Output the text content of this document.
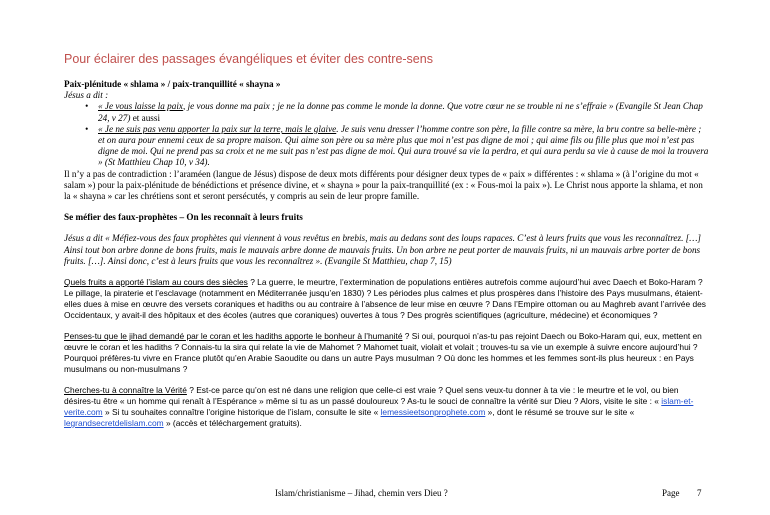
Pour éclairer des passages évangéliques et éviter des contre-sens

Paix-plénitude « shlama » / paix-tranquillité « shayna »
Jésus a dit :
• « Je vous laisse la paix, je vous donne ma paix ; je ne la donne pas comme le monde la donne. Que votre cœur ne se trouble ni ne s’effraie » (Evangile St Jean Chap 24, v 27) et aussi
• « Je ne suis pas venu apporter la paix sur la terre, mais le glaive. Je suis venu dresser l’homme contre son père, la fille contre sa mère, la bru contre sa belle-mère ; et on aura pour ennemi ceux de sa propre maison. Qui aime son père ou sa mère plus que moi n’est pas digne de moi ; qui aime fils ou fille plus que moi n’est pas digne de moi. Qui ne prend pas sa croix et ne me suit pas n’est pas digne de moi. Qui aura trouvé sa vie la perdra, et qui aura perdu sa vie à cause de moi la trouvera » (St Matthieu Chap 10, v 34).
Il n’y a pas de contradiction : l’araméen (langue de Jésus) dispose de deux mots différents pour désigner deux types de « paix » différentes : « shlama » (à l’origine du mot « salam ») pour la paix-plénitude de bénédictions et présence divine, et « shayna » pour la paix-tranquillité (ex : « Fous-moi la paix »). Le Christ nous apporte la shlama, et non la « shayna » car les chrétiens sont et seront persécutés, y compris au sein de leur propre famille.
Se méfier des faux-prophètes – On les reconnaît à leurs fruits
Jésus a dit « Méfiez-vous des faux prophètes qui viennent à vous revêtus en brebis, mais au dedans sont des loups rapaces. C’est à leurs fruits que vous les reconnaîtrez. […] Ainsi tout bon arbre donne de bons fruits, mais le mauvais arbre donne de mauvais fruits. Un bon arbre ne peut porter de mauvais fruits, ni un mauvais arbre porter de bons fruits. […]. Ainsi donc, c’est à leurs fruits que vous les reconnaîtrez ». (Evangile St Matthieu, chap 7, 15)
Quels fruits a apporté l’islam au cours des siècles ? La guerre, le meurtre, l’extermination de populations entières autrefois comme aujourd’hui avec Daech et Boko-Haram ? Le pillage, la piraterie et l’esclavage (notamment en Méditerranée jusqu’en 1830) ? Les périodes plus calmes et plus prospères dans l’histoire des Pays musulmans, étaient-elles dues à mise en œuvre des versets coraniques et hadiths ou au contraire à l’absence de leur mise en œuvre ? Dans l’Empire ottoman ou au Maghreb avant l’arrivée des Occidentaux, y avait-il des hôpitaux et des écoles (autres que coraniques) ouvertes à tous ? Des progrès scientifiques (agriculture, médecine) et économiques ?
Penses-tu que le jihad demandé par le coran et les hadiths apporte le bonheur à l’humanité ? Si oui, pourquoi n’as-tu pas rejoint Daech ou Boko-Haram qui, eux, mettent en œuvre le coran et les hadiths ? Connais-tu la sira qui relate la vie de Mahomet ? Mahomet tuait, violait et volait ; trouves-tu sa vie un exemple à suivre encore aujourd’hui ? Pourquoi préfères-tu vivre en France plutôt qu’en Arabie Saoudite ou dans un autre Pays musulman ? Où donc les hommes et les femmes sont-ils plus heureux : en Pays musulmans ou non-musulmans ?
Cherches-tu à connaître la Vérité ? Est-ce parce qu’on est né dans une religion que celle-ci est vraie ? Quel sens veux-tu donner à ta vie : le meurtre et le vol, ou bien désires-tu être « un homme qui renaît à l’Espérance » même si tu as un passé douloureux ? As-tu le souci de connaître la vérité sur Dieu ? Alors, visite le site : « islam-et-verite.com » Si tu souhaites connaître l’origine historique de l’islam, consulte le site « lemessieetsonprophete.com », dont le résumé se trouve sur le site « legrandsecretdelislam.com » (accès et téléchargement gratuits).
Islam/christianisme – Jihad, chemin vers Dieu ?	Page 7
